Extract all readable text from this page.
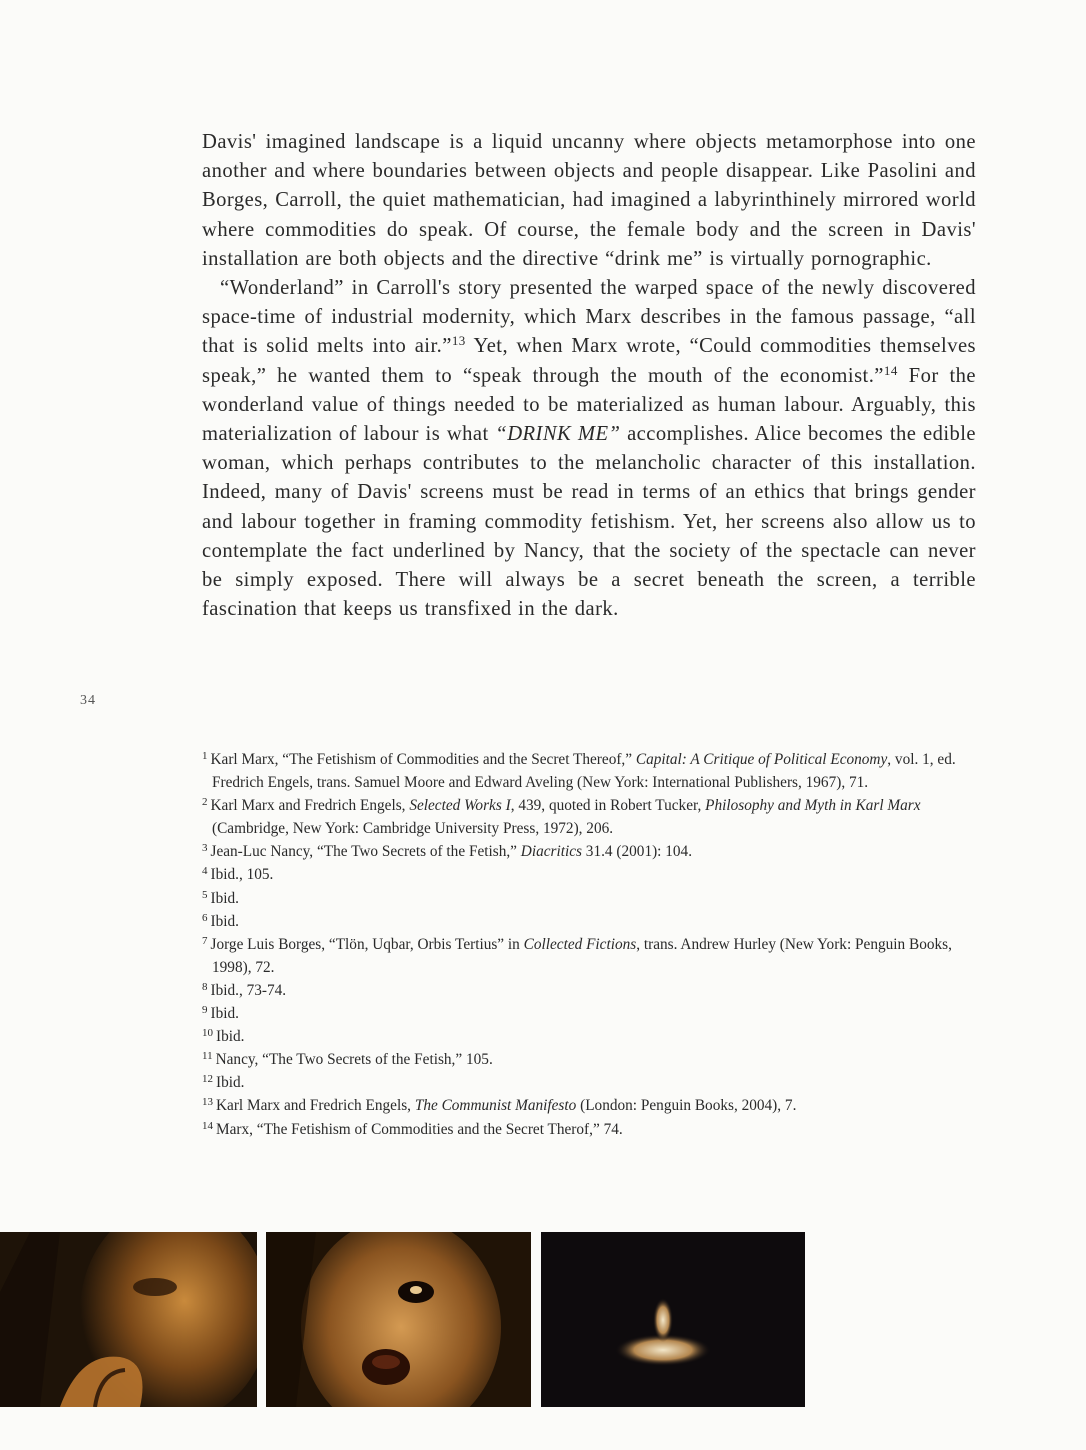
Davis' imagined landscape is a liquid uncanny where objects metamorphose into one another and where boundaries between objects and people disappear. Like Pasolini and Borges, Carroll, the quiet mathematician, had imagined a labyrinthinely mirrored world where commodities do speak. Of course, the female body and the screen in Davis' installation are both objects and the directive “drink me” is virtually pornographic.

“Wonderland” in Carroll's story presented the warped space of the newly discovered space-time of industrial modernity, which Marx describes in the famous passage, “all that is solid melts into air.”$^{13}$ Yet, when Marx wrote, “Could commodities themselves speak,” he wanted them to “speak through the mouth of the economist.”$^{14}$ For the wonderland value of things needed to be materialized as human labour. Arguably, this materialization of labour is what “DRINK ME” accomplishes. Alice becomes the edible woman, which perhaps contributes to the melancholic character of this installation. Indeed, many of Davis' screens must be read in terms of an ethics that brings gender and labour together in framing commodity fetishism. Yet, her screens also allow us to contemplate the fact underlined by Nancy, that the society of the spectacle can never be simply exposed. There will always be a secret beneath the screen, a terrible fascination that keeps us transfixed in the dark.

34
$^1$ Karl Marx, “The Fetishism of Commodities and the Secret Thereof,” Capital: A Critique of Political Economy, vol. 1, ed. Fredrich Engels, trans. Samuel Moore and Edward Aveling (New York: International Publishers, 1967), 71.
$^2$ Karl Marx and Fredrich Engels, Selected Works I, 439, quoted in Robert Tucker, Philosophy and Myth in Karl Marx (Cambridge, New York: Cambridge University Press, 1972), 206.
$^3$ Jean-Luc Nancy, “The Two Secrets of the Fetish,” Diacritics 31.4 (2001): 104.
$^4$ Ibid., 105.
$^5$ Ibid.
$^6$ Ibid.
$^7$ Jorge Luis Borges, “Tlön, Uqbar, Orbis Tertius” in Collected Fictions, trans. Andrew Hurley (New York: Penguin Books, 1998), 72.
$^8$ Ibid., 73-74.
$^9$ Ibid.
$^{10}$ Ibid.
$^{11}$ Nancy, “The Two Secrets of the Fetish,” 105.
$^{12}$ Ibid.
$^{13}$ Karl Marx and Fredrich Engels, The Communist Manifesto (London: Penguin Books, 2004), 7.
$^{14}$ Marx, “The Fetishism of Commodities and the Secret Therof,” 74.
